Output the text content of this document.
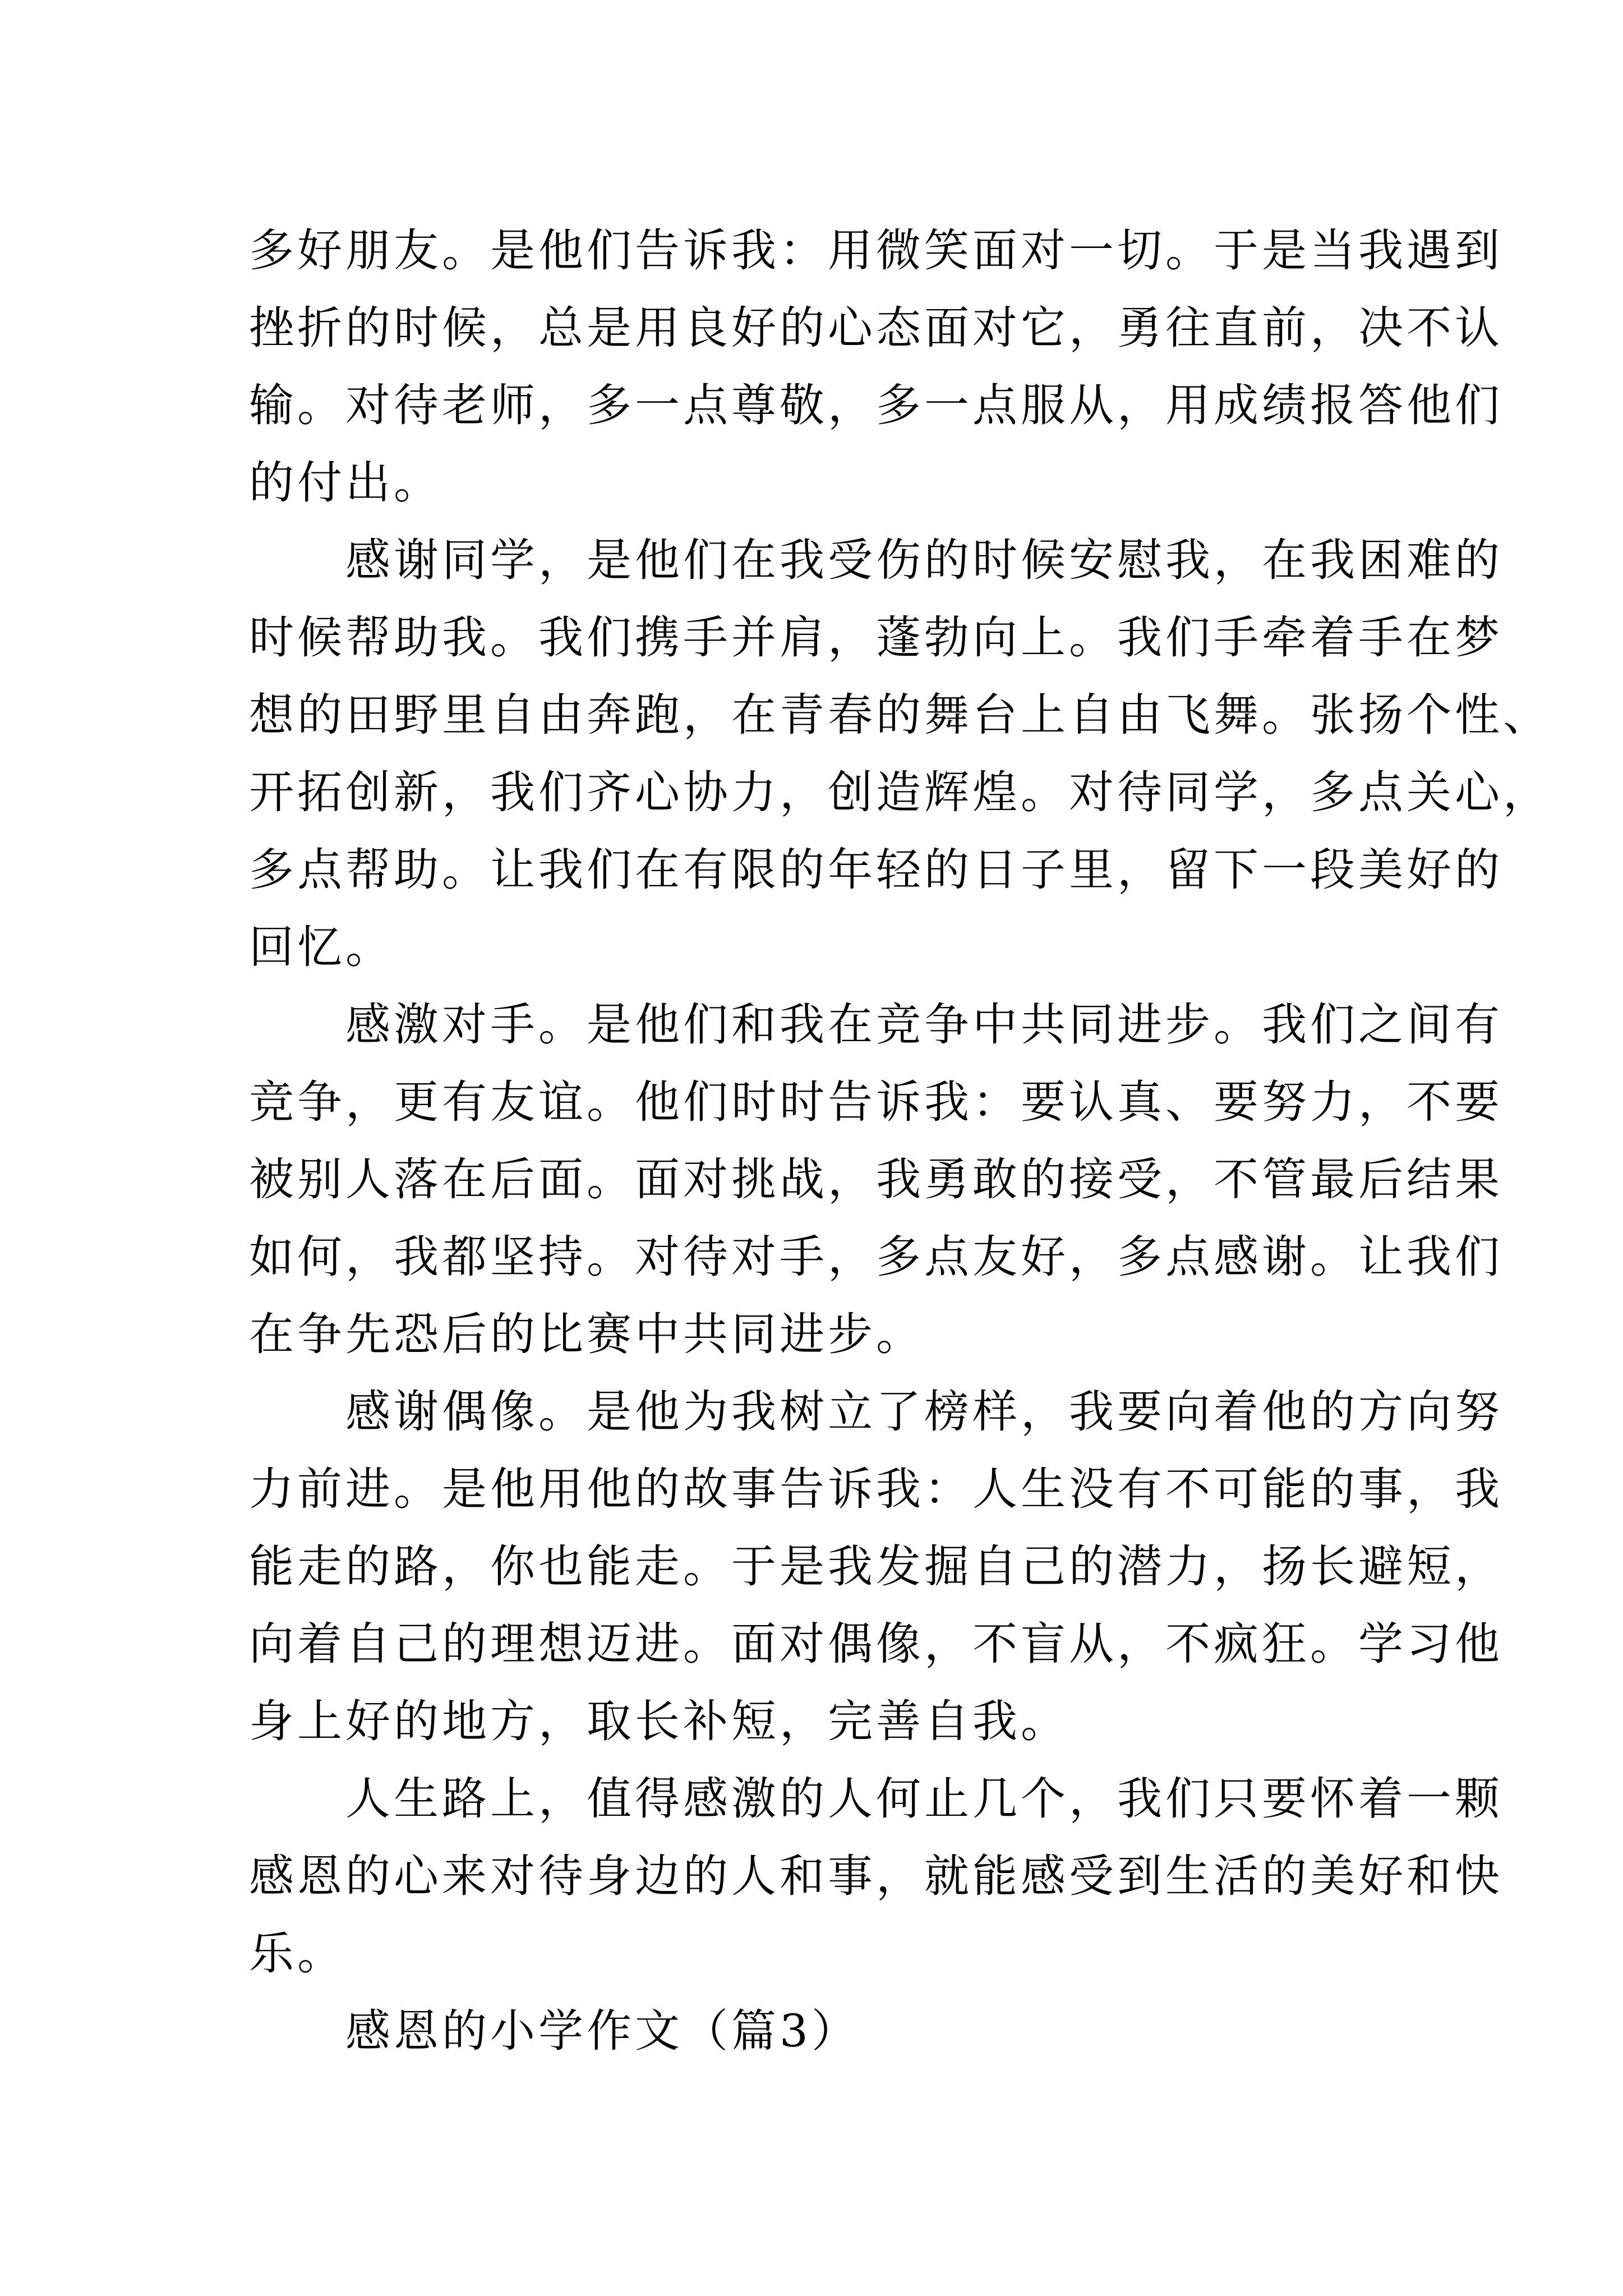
多好朋友。是他们告诉我：用微笑面对一切。于是当我遇到
挫折的时候，总是用良好的心态面对它，勇往直前，决不认
输。对待老师，多一点尊敬，多一点服从，用成绩报答他们
的付出。
　　感谢同学，是他们在我受伤的时候安慰我，在我困难的
时候帮助我。我们携手并肩，蓬勃向上。我们手牵着手在梦
想的田野里自由奔跑，在青春的舞台上自由飞舞。张扬个性、
开拓创新，我们齐心协力，创造辉煌。对待同学，多点关心，
多点帮助。让我们在有限的年轻的日子里，留下一段美好的
回忆。
　　感激对手。是他们和我在竞争中共同进步。我们之间有
竞争，更有友谊。他们时时告诉我：要认真、要努力，不要
被别人落在后面。面对挑战，我勇敢的接受，不管最后结果
如何，我都坚持。对待对手，多点友好，多点感谢。让我们
在争先恐后的比赛中共同进步。
　　感谢偶像。是他为我树立了榜样，我要向着他的方向努
力前进。是他用他的故事告诉我：人生没有不可能的事，我
能走的路，你也能走。于是我发掘自己的潜力，扬长避短，
向着自己的理想迈进。面对偶像，不盲从，不疯狂。学习他
身上好的地方，取长补短，完善自我。
　　人生路上，值得感激的人何止几个，我们只要怀着一颗
感恩的心来对待身边的人和事，就能感受到生活的美好和快
乐。
　　感恩的小学作文（篇3）
